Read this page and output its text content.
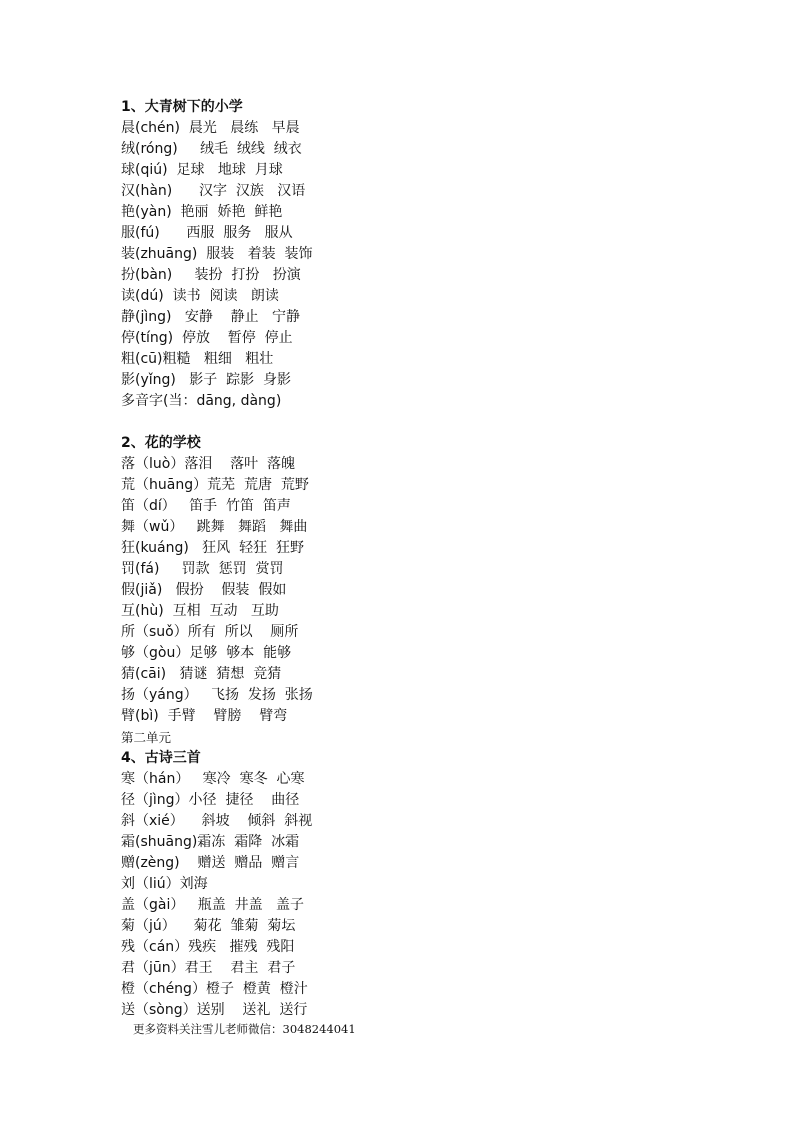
1、大青树下的小学
晨(chén)  晨光   晨练   早晨
绒(róng)     绒毛  绒线  绒衣
球(qiú)  足球   地球  月球
汉(hàn)      汉字  汉族   汉语
艳(yàn)  艳丽  娇艳  鲜艳
服(fú)      西服  服务   服从
装(zhuāng)  服装   着装  装饰
扮(bàn)     装扮  打扮   扮演
读(dú)  读书  阅读   朗读
静(jìng)   安静    静止   宁静
停(tíng)  停放    暂停  停止
粗(cū)粗糙   粗细   粗壮
影(yǐng)   影子  踪影  身影
多音字(当：dāng, dàng)
2、花的学校
落（luò）落泪    落叶  落魄
荒（huāng）荒芜  荒唐  荒野
笛（dí）   笛手  竹笛  笛声
舞（wǔ）   跳舞   舞蹈   舞曲
狂(kuáng)   狂风  轻狂  狂野
罚(fá)     罚款  惩罚  赏罚
假(jiǎ)   假扮    假装  假如
互(hù)  互相  互动   互助
所（suǒ）所有  所以    厕所
够（gòu）足够  够本  能够
猜(cāi)   猜谜  猜想  竞猜
扬（yáng）   飞扬  发扬  张扬
臂(bì)  手臂    臂膀    臂弯
第二单元
4、古诗三首
寒（hán）   寒冷  寒冬  心寒
径（jìng）小径  捷径    曲径
斜（xié）    斜坡    倾斜  斜视
霜(shuāng)霜冻  霜降  冰霜
赠(zèng)    赠送  赠品  赠言
刘（liú）刘海
盖（gài）   瓶盖  井盖   盖子
菊（jú）    菊花  雏菊  菊坛
残（cán）残疾   摧残  残阳
君（jūn）君王    君主  君子
橙（chéng）橙子  橙黄  橙汁
送（sòng）送别    送礼  送行
更多资料关注雪儿老师微信：3048244041
